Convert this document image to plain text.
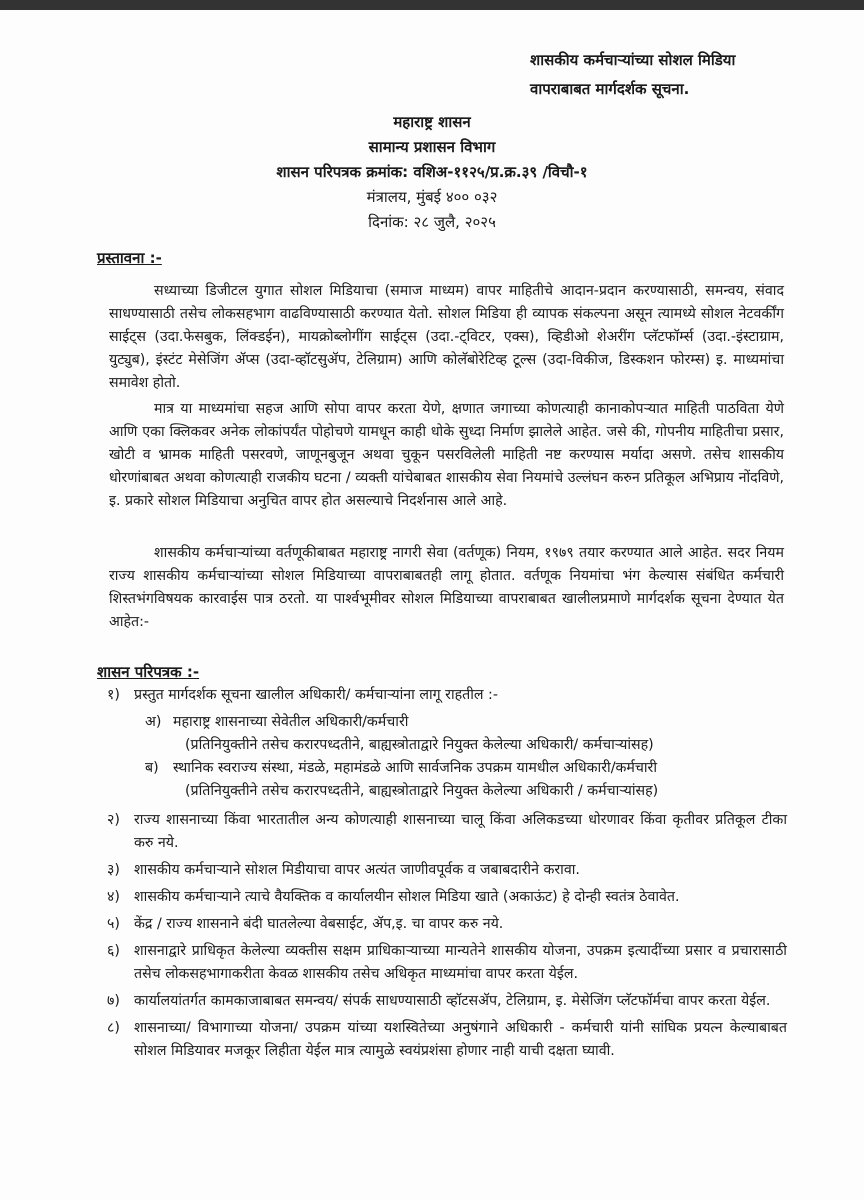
शासकीय कर्मचाऱ्यांच्या सोशल मिडिया
वापराबाबत मार्गदर्शक सूचना.
महाराष्ट्र शासन
सामान्य प्रशासन विभाग
शासन परिपत्रक क्रमांक: वशिअ-११२५/प्र.क्र.३९ /विचौ-१
मंत्रालय, मुंबई ४०० ०३२
दिनांक: २८ जुलै, २०२५
प्रस्तावना :-
सध्याच्या डिजीटल युगात सोशल मिडियाचा (समाज माध्यम) वापर माहितीचे आदान-प्रदान करण्यासाठी, समन्वय, संवाद साधण्यासाठी तसेच लोकसहभाग वाढविण्यासाठी करण्यात येतो. सोशल मिडिया ही व्यापक संकल्पना असून त्यामध्ये सोशल नेटवर्कींग साईट्स (उदा.फेसबुक, लिंक्डईन), मायक्रोब्लोगींग साईट्स (उदा.-ट्विटर, एक्स), व्हिडीओ शेअरींग प्लॅटफॉर्म्स (उदा.-इंस्टाग्राम, युट्युब), इंस्टंट मेसेजिंग ॲप्स (उदा-व्हॉटसुॲप, टेलिग्राम) आणि कोलॅबोरेटिव्ह टूल्स (उदा-विकीज, डिस्कशन फोरम्स) इ. माध्यमांचा समावेश होतो.
मात्र या माध्यमांचा सहज आणि सोपा वापर करता येणे, क्षणात जगाच्या कोणत्याही कानाकोपऱ्यात माहिती पाठविता येणे आणि एका क्लिकवर अनेक लोकांपर्यंत पोहोचणे यामधून काही धोके सुध्दा निर्माण झालेले आहेत. जसे की, गोपनीय माहितीचा प्रसार, खोटी व भ्रामक माहिती पसरवणे, जाणूनबुजून अथवा चुकून पसरविलेली माहिती नष्ट करण्यास मर्यादा असणे. तसेच शासकीय धोरणांबाबत अथवा कोणत्याही राजकीय घटना / व्यक्ती यांचेबाबत शासकीय सेवा नियमांचे उल्लंघन करुन प्रतिकूल अभिप्राय नोंदविणे, इ. प्रकारे सोशल मिडियाचा अनुचित वापर होत असल्याचे निदर्शनास आले आहे.
शासकीय कर्मचाऱ्यांच्या वर्तणूकीबाबत महाराष्ट्र नागरी सेवा (वर्तणूक) नियम, १९७९ तयार करण्यात आले आहेत. सदर नियम राज्य शासकीय कर्मचाऱ्यांच्या सोशल मिडियाच्या वापराबाबतही लागू होतात. वर्तणूक नियमांचा भंग केल्यास संबंधित कर्मचारी शिस्तभंगविषयक कारवाईस पात्र ठरतो. या पार्श्वभूमीवर सोशल मिडियाच्या वापराबाबत खालीलप्रमाणे मार्गदर्शक सूचना देण्यात येत आहेत:-
शासन परिपत्रक :-
१) प्रस्तुत मार्गदर्शक सूचना खालील अधिकारी/ कर्मचाऱ्यांना लागू राहतील :-
अ) महाराष्ट्र शासनाच्या सेवेतील अधिकारी/कर्मचारी
(प्रतिनियुक्तीने तसेच करारपध्दतीने, बाह्यस्त्रोताद्वारे नियुक्त केलेल्या अधिकारी/ कर्मचाऱ्यांसह)
ब)	स्थानिक स्वराज्य संस्था, मंडळे, महामंडळे आणि सार्वजनिक उपक्रम यामधील अधिकारी/कर्मचारी
(प्रतिनियुक्तीने तसेच करारपध्दतीने, बाह्यस्त्रोताद्वारे नियुक्त केलेल्या अधिकारी / कर्मचाऱ्यांसह)
२) राज्य शासनाच्या किंवा भारतातील अन्य कोणत्याही शासनाच्या चालू किंवा अलिकडच्या धोरणावर किंवा कृतीवर प्रतिकूल टीका करु नये.
३) शासकीय कर्मचाऱ्याने सोशल मिडीयाचा वापर अत्यंत जाणीवपूर्वक व जबाबदारीने करावा.
४) शासकीय कर्मचाऱ्याने त्याचे वैयक्तिक व कार्यालयीन सोशल मिडिया खाते (अकाऊंट) हे दोन्ही स्वतंत्र ठेवावेत.
५) केंद्र / राज्य शासनाने बंदी घातलेल्या वेबसाईट, ॲप,इ. चा वापर करु नये.
६) शासनाद्वारे प्राधिकृत केलेल्या व्यक्तीस सक्षम प्राधिकाऱ्याच्या मान्यतेने शासकीय योजना, उपक्रम इत्यादींच्या प्रसार व प्रचारासाठी तसेच लोकसहभागाकरीता केवळ शासकीय तसेच अधिकृत माध्यमांचा वापर करता येईल.
७) कार्यालयांतर्गत कामकाजाबाबत समन्वय/ संपर्क साधण्यासाठी व्हॉटसॲप, टेलिग्राम, इ. मेसेजिंग प्लॅटफॉर्मचा वापर करता येईल.
८) शासनाच्या/ विभागाच्या योजना/ उपक्रम यांच्या यशस्वितेच्या अनुषंगाने अधिकारी - कर्मचारी यांनी सांघिक प्रयत्न केल्याबाबत सोशल मिडियावर मजकूर लिहीता येईल मात्र त्यामुळे स्वयंप्रशंसा होणार नाही याची दक्षता घ्यावी.
